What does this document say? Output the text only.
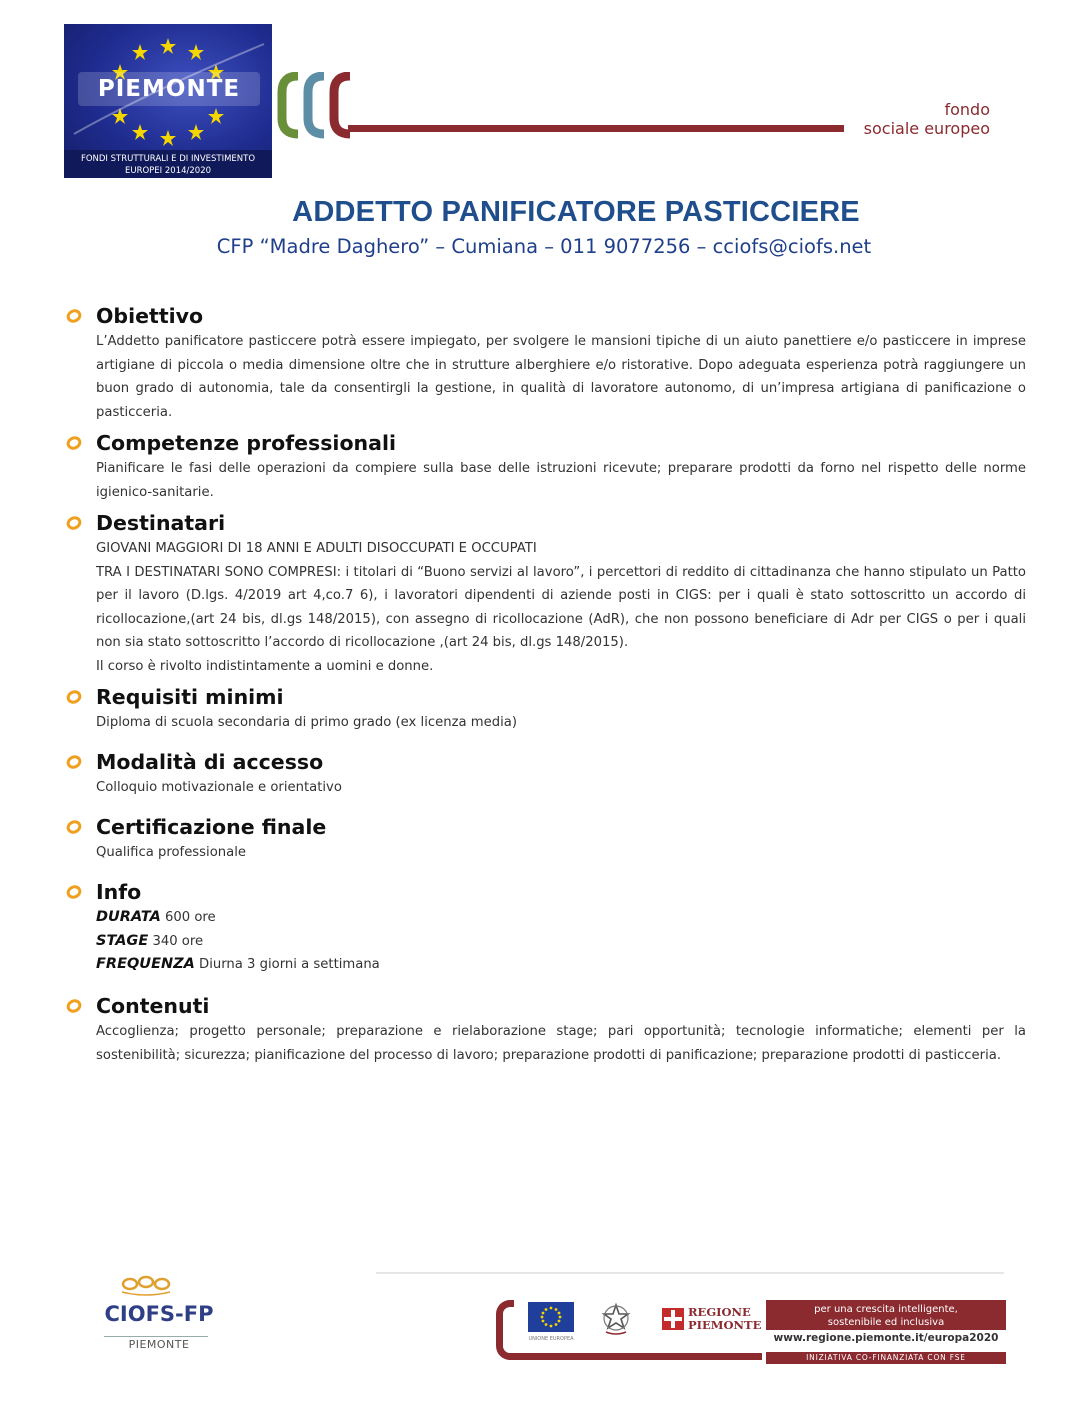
PIEMONTE
FONDI STRUTTURALI E DI INVESTIMENTO
EUROPEI 2014/2020
fondo
sociale europeo
ADDETTO PANIFICATORE PASTICCIERE
CFP “Madre Daghero” – Cumiana – 011 9077256 – cciofs@ciofs.net
Obiettivo

L’Addetto panificatore pasticcere potrà essere impiegato, per svolgere le mansioni tipiche di un aiuto panettiere e/o pasticcere in imprese artigiane di piccola o media dimensione oltre che in strutture alberghiere e/o ristorative. Dopo adeguata esperienza potrà raggiungere un buon grado di autonomia, tale da consentirgli la gestione, in qualità di lavoratore autonomo, di un’impresa artigiana di panificazione o pasticceria.

Competenze professionali

Pianificare le fasi delle operazioni da compiere sulla base delle istruzioni ricevute; preparare prodotti da forno nel rispetto delle norme igienico-sanitarie.

Destinatari

GIOVANI MAGGIORI DI 18 ANNI E ADULTI DISOCCUPATI E OCCUPATI

TRA I DESTINATARI SONO COMPRESI: i titolari di “Buono servizi al lavoro”, i percettori di reddito di cittadinanza che hanno stipulato un Patto per il lavoro (D.lgs. 4/2019 art 4,co.7 6), i lavoratori dipendenti di aziende posti in CIGS: per i quali è stato sottoscritto un accordo di ricollocazione,(art 24 bis, dl.gs 148/2015), con assegno di ricollocazione (AdR), che non possono beneficiare di Adr per CIGS o per i quali non sia stato sottoscritto l’accordo di ricollocazione ,(art 24 bis, dl.gs 148/2015).

Il corso è rivolto indistintamente a uomini e donne.

Requisiti minimi

Diploma di scuola secondaria di primo grado (ex licenza media)

Modalità di accesso

Colloquio motivazionale e orientativo

Certificazione finale

Qualifica professionale

Info

DURATA 600 ore

STAGE 340 ore

FREQUENZA Diurna 3 giorni a settimana

Contenuti

Accoglienza; progetto personale; preparazione e rielaborazione stage; pari opportunità; tecnologie informatiche; elementi per la sostenibilità; sicurezza; pianificazione del processo di lavoro; preparazione prodotti di panificazione; preparazione prodotti di pasticceria.

CIOFS-FP
PIEMONTE	UNIONE EUROPEA
REGIONE
PIEMONTE
per una crescita intelligente,
sostenibile ed inclusiva
www.regione.piemonte.it/europa2020
INIZIATIVA CO-FINANZIATA CON FSE
